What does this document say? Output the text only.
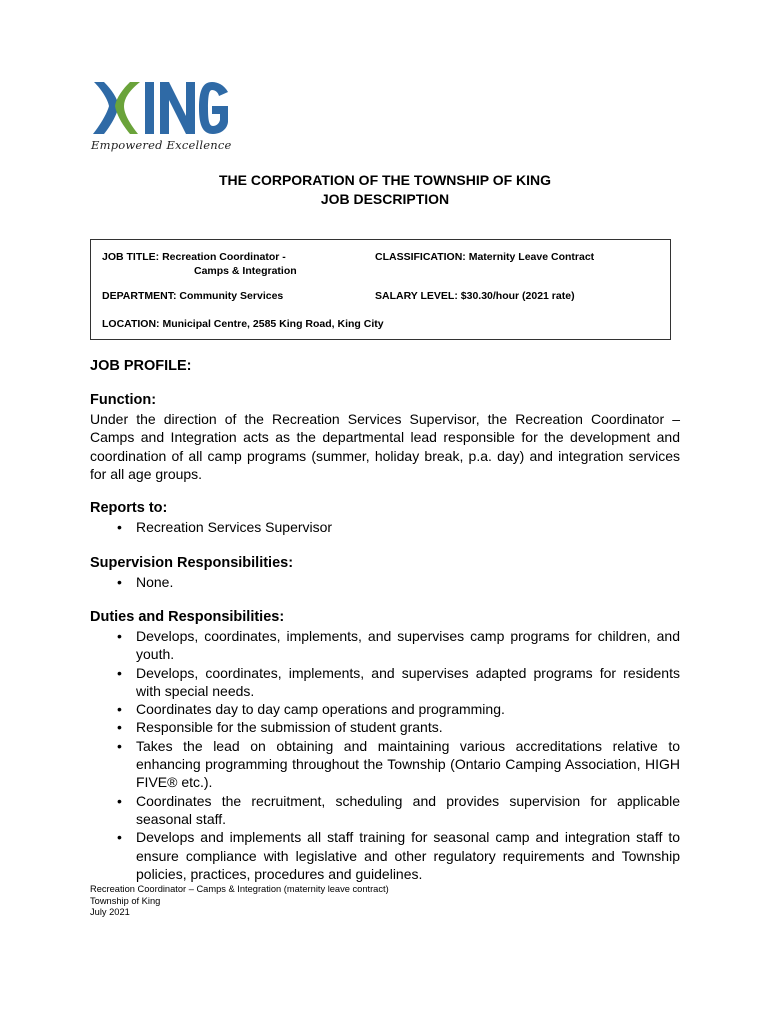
Empowered Excellence
THE CORPORATION OF THE TOWNSHIP OF KING
JOB DESCRIPTION
JOB TITLE: Recreation Coordinator -
Camps & Integration
CLASSIFICATION: Maternity Leave Contract
DEPARTMENT: Community Services	SALARY LEVEL: $30.30/hour (2021 rate)
LOCATION: Municipal Centre, 2585 King Road, King City
JOB PROFILE:
Function:
Under the direction of the Recreation Services Supervisor, the Recreation Coordinator – Camps and Integration acts as the departmental lead responsible for the development and coordination of all camp programs (summer, holiday break, p.a. day) and integration services for all age groups.
Reports to:
• Recreation Services Supervisor
Supervision Responsibilities:
• None.
Duties and Responsibilities:
• Develops, coordinates, implements, and supervises camp programs for children, and youth.
• Develops, coordinates, implements, and supervises adapted programs for residents with special needs.
• Coordinates day to day camp operations and programming.
• Responsible for the submission of student grants.
• Takes the lead on obtaining and maintaining various accreditations relative to enhancing programming throughout the Township (Ontario Camping Association, HIGH FIVE® etc.).
• Coordinates the recruitment, scheduling and provides supervision for applicable seasonal staff.
• Develops and implements all staff training for seasonal camp and integration staff to ensure compliance with legislative and other regulatory requirements and Township policies, practices, procedures and guidelines.
Recreation Coordinator – Camps & Integration (maternity leave contract)
Township of King
July 2021
